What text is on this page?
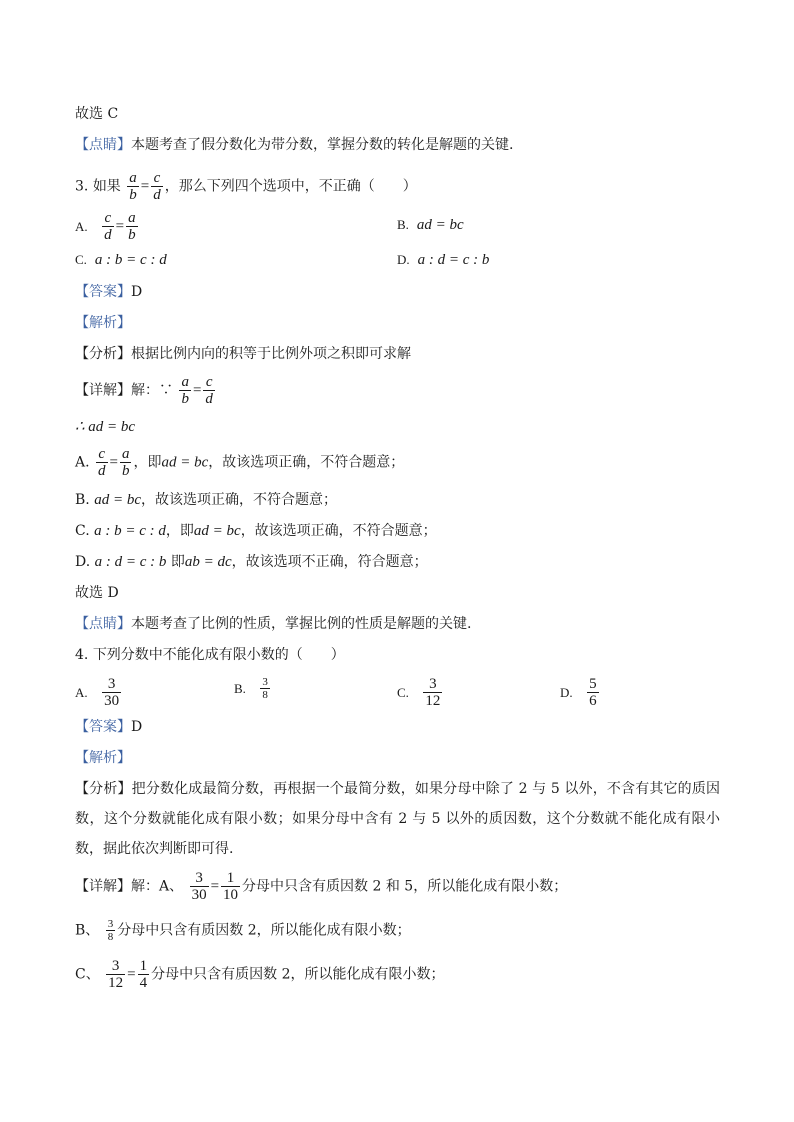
故选 C
【点睛】本题考查了假分数化为带分数，掌握分数的转化是解题的关键.
3. 如果 $\frac{a}{b} = \frac{c}{d}$ ，那么下列四个选项中，不正确（　　）
A. $\frac{c}{d} = \frac{a}{b}$	B. ad = bc
C. a : b = c : d	D. a : d = c : b
【答案】D
【解析】
【分析】根据比例内向的积等于比例外项之积即可求解
【详解】解：∵ $\frac{a}{b} = \frac{c}{d}$
∴ ad = bc
A. $\frac{c}{d} = \frac{a}{b}$ ，即ad = bc，故该选项正确，不符合题意；
B. ad = bc，故该选项正确，不符合题意；
C. a : b = c : d，即ad = bc，故该选项正确，不符合题意；
D. a : d = c : b 即ab = dc，故该选项不正确，符合题意；
故选 D
【点睛】本题考查了比例的性质，掌握比例的性质是解题的关键.
4. 下列分数中不能化成有限小数的（　　）
A. $\frac{3}{30}$	B. $\frac{3}{8}$	C. $\frac{3}{12}$	D. $\frac{5}{6}$
【答案】D
【解析】
【分析】把分数化成最简分数，再根据一个最简分数，如果分母中除了 2 与 5 以外，不含有其它的质因数，这个分数就能化成有限小数；如果分母中含有 2 与 5 以外的质因数，这个分数就不能化成有限小数，据此依次判断即可得.
【详解】解：A、 $\frac{3}{30} = \frac{1}{10}$ 分母中只含有质因数 2 和 5，所以能化成有限小数；
B、 $\frac{3}{8}$ 分母中只含有质因数 2，所以能化成有限小数；
C、 $\frac{3}{12} = \frac{1}{4}$ 分母中只含有质因数 2，所以能化成有限小数；
